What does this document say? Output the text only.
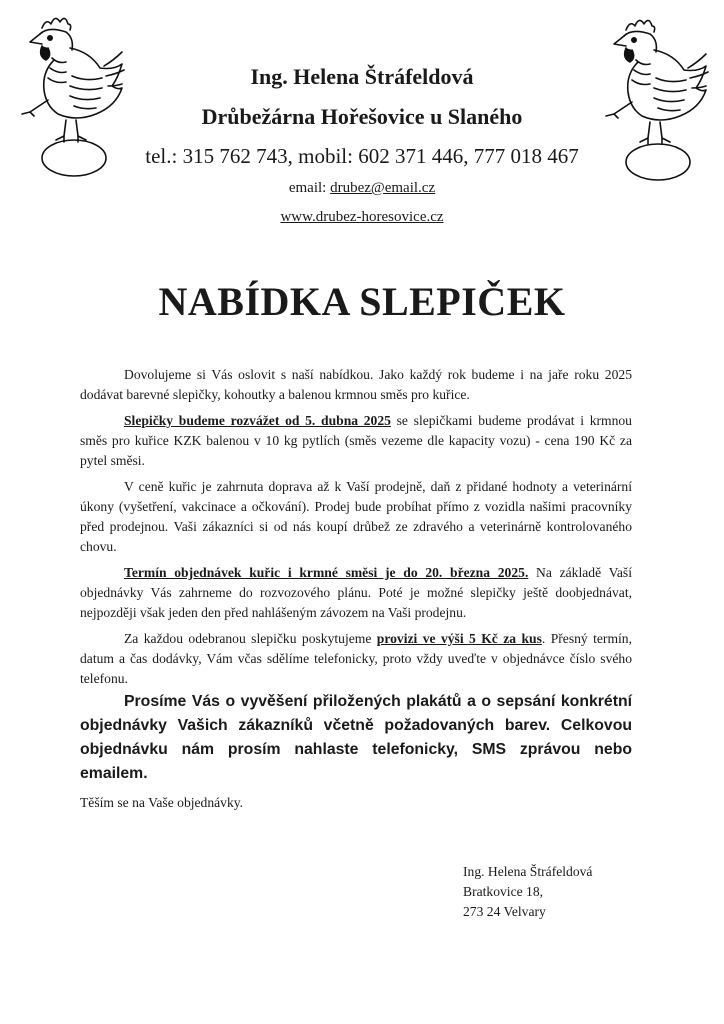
Ing. Helena Štráfeldová
Drůbežárna Hořešovice u Slaného
tel.: 315 762 743, mobil: 602 371 446, 777 018 467
email: drubez@email.cz
www.drubez-horesovice.cz
NABÍDKA SLEPIČEK

Dovolujeme si Vás oslovit s naší nabídkou. Jako každý rok budeme i na jaře roku 2025 dodávat barevné slepičky, kohoutky a balenou krmnou směs pro kuřice.

Slepičky budeme rozvážet od 5. dubna 2025 se slepičkami budeme prodávat i krmnou směs pro kuřice KZK balenou v 10 kg pytlích (směs vezeme dle kapacity vozu) - cena 190 Kč za pytel směsi.

V ceně kuřic je zahrnuta doprava až k Vaší prodejně, daň z přidané hodnoty a veterinární úkony (vyšetření, vakcinace a očkování). Prodej bude probíhat přímo z vozidla našimi pracovníky před prodejnou. Vaši zákazníci si od nás koupí drůbež ze zdravého a veterinárně kontrolovaného chovu.

Termín objednávek kuřic i krmné směsi je do 20. března 2025. Na základě Vaší objednávky Vás zahrneme do rozvozového plánu. Poté je možné slepičky ještě doobjednávat, nejpozději však jeden den před nahlášeným závozem na Vaši prodejnu.

Za každou odebranou slepičku poskytujeme provizi ve výši 5 Kč za kus. Přesný termín, datum a čas dodávky, Vám včas sdělíme telefonicky, proto vždy uveďte v objednávce číslo svého telefonu.

Prosíme Vás o vyvěšení přiložených plakátů a o sepsání konkrétní objednávky Vašich zákazníků včetně požadovaných barev. Celkovou objednávku nám prosím nahlaste telefonicky, SMS zprávou nebo emailem.

Těším se na Vaše objednávky.
Ing. Helena Štráfeldová
Bratkovice 18,
273 24 Velvary
